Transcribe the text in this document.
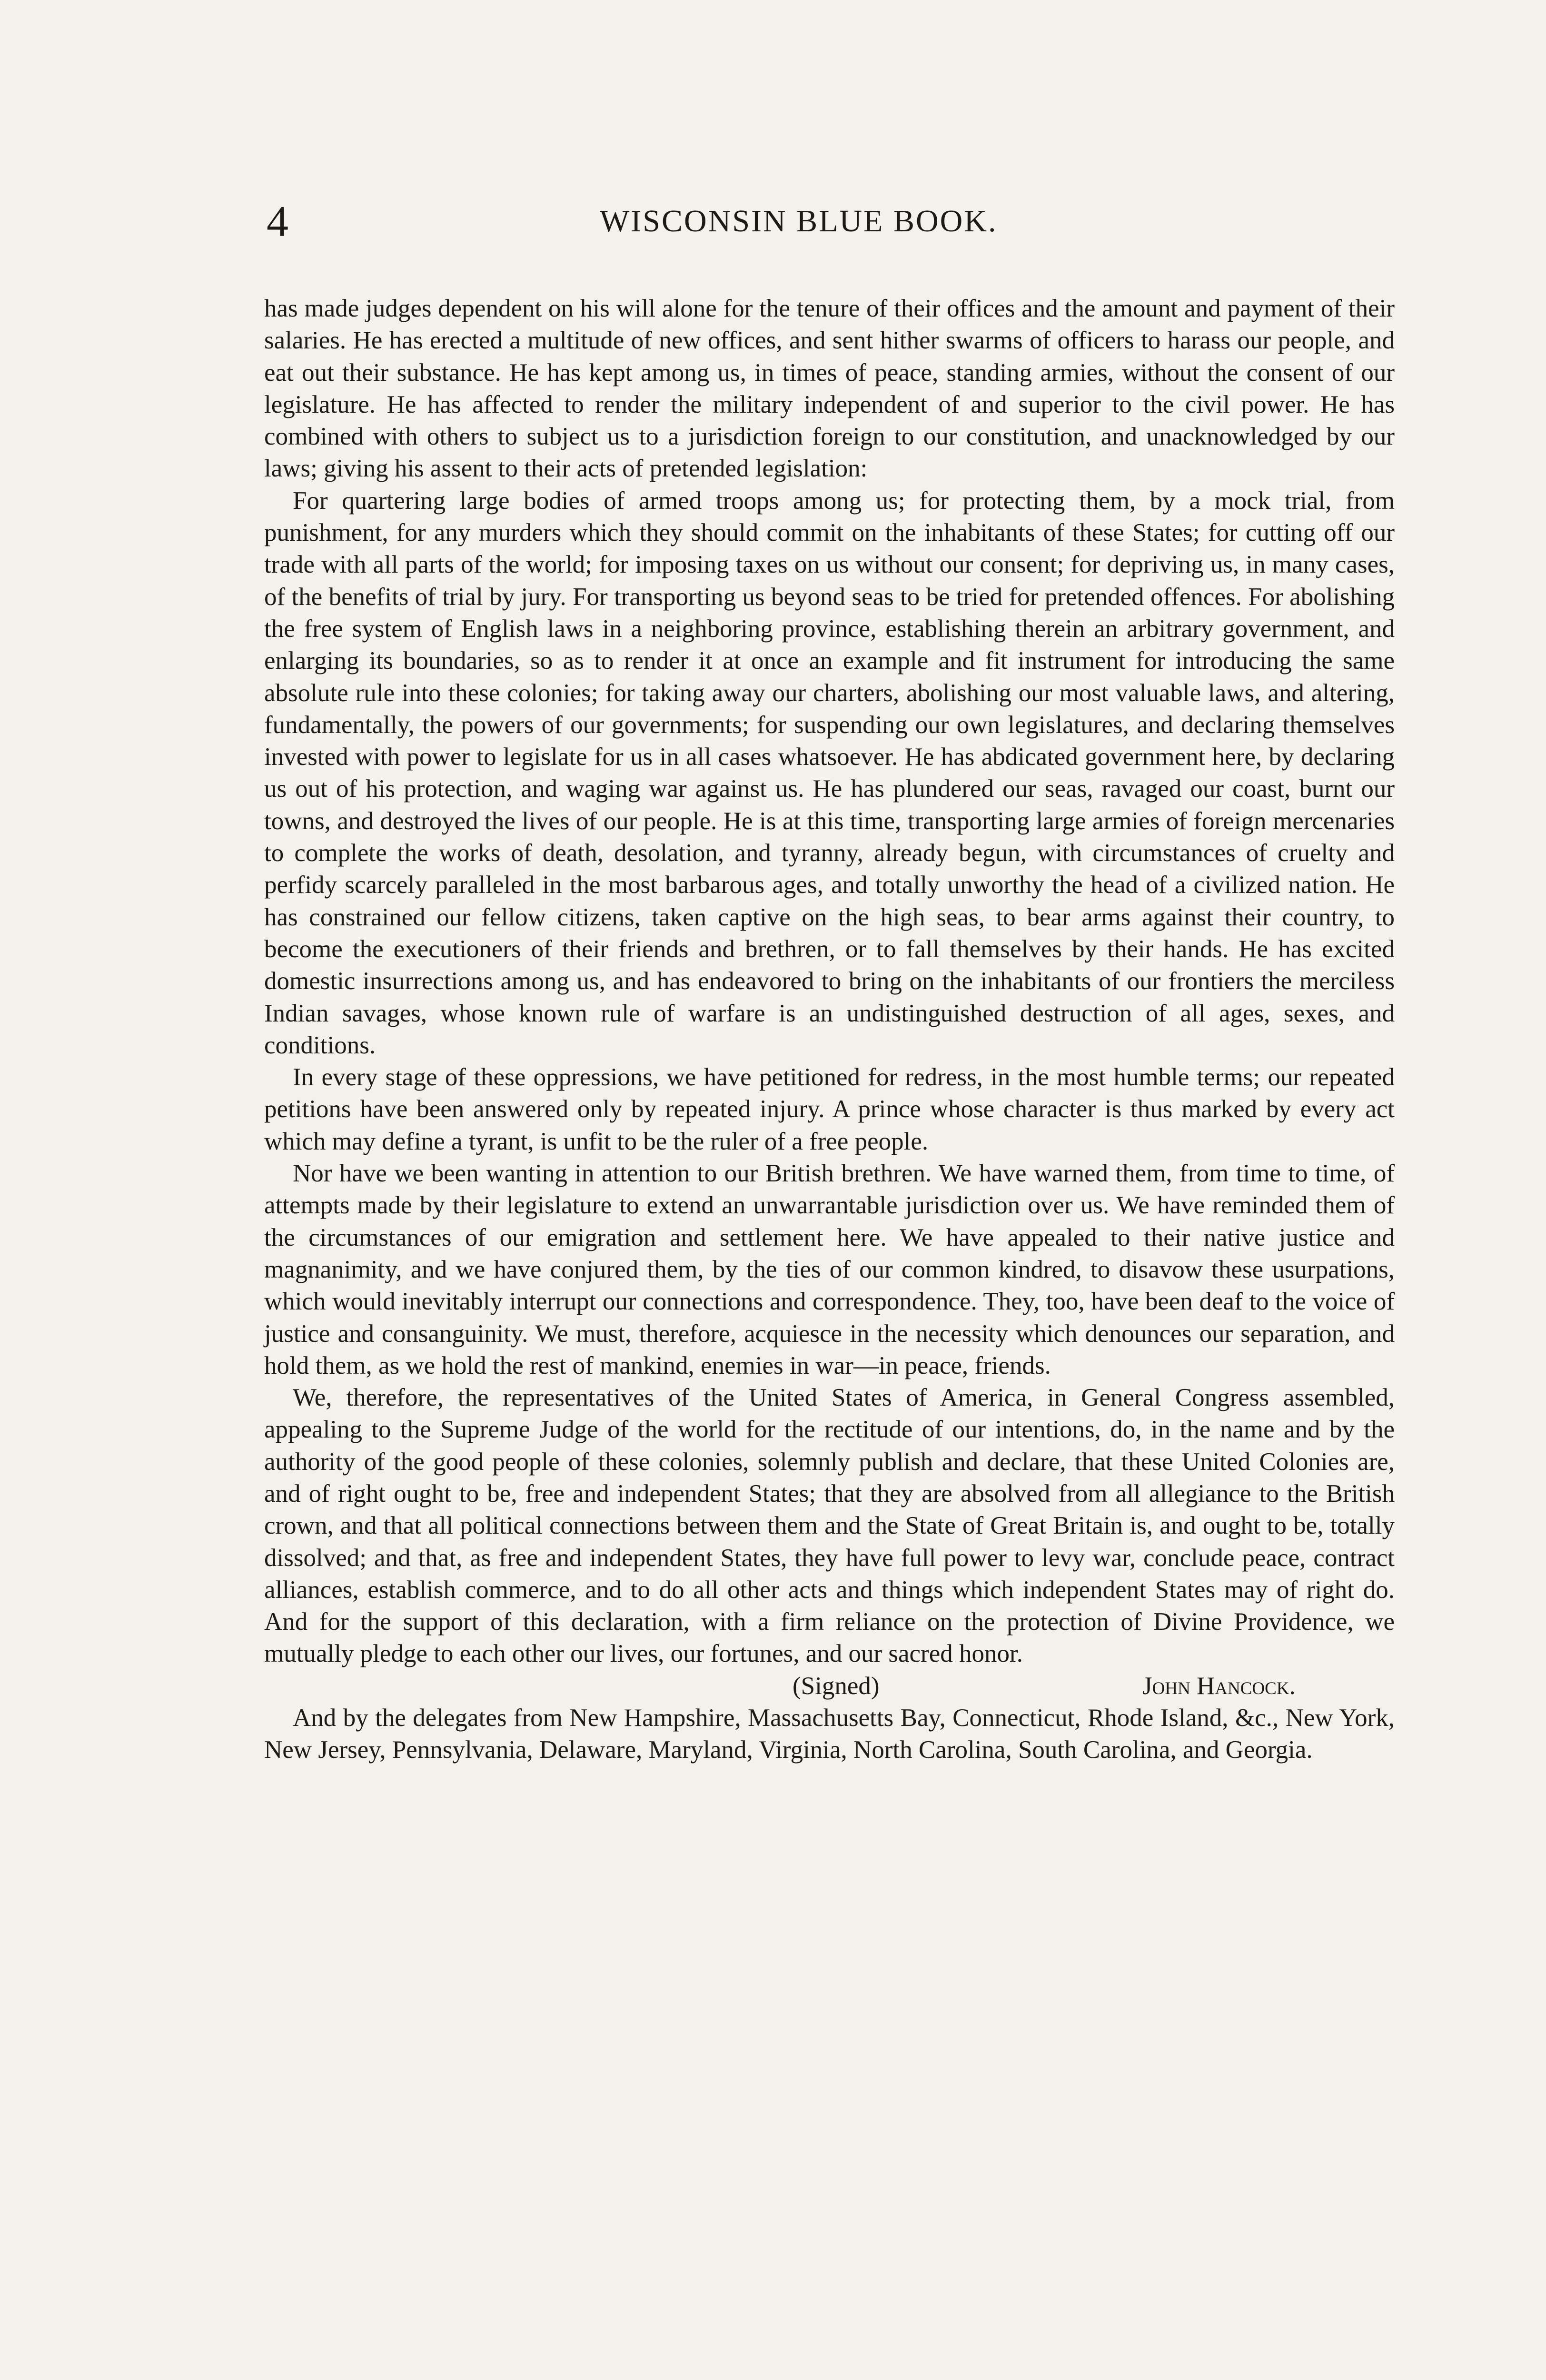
4	WISCONSIN BLUE BOOK.

has made judges dependent on his will alone for the tenure of their offices and the amount and payment of their salaries. He has erected a multitude of new offices, and sent hither swarms of officers to harass our people, and eat out their substance. He has kept among us, in times of peace, standing armies, without the consent of our legislature. He has affected to render the military independent of and superior to the civil power. He has combined with others to subject us to a jurisdiction foreign to our constitution, and unacknowledged by our laws; giving his assent to their acts of pretended legislation:

For quartering large bodies of armed troops among us; for protecting them, by a mock trial, from punishment, for any murders which they should commit on the inhabitants of these States; for cutting off our trade with all parts of the world; for imposing taxes on us without our consent; for depriving us, in many cases, of the benefits of trial by jury. For transporting us beyond seas to be tried for pretended offences. For abolishing the free system of English laws in a neighboring province, establishing therein an arbitrary government, and enlarging its boundaries, so as to render it at once an example and fit instrument for introducing the same absolute rule into these colonies; for taking away our charters, abolishing our most valuable laws, and altering, fundamentally, the powers of our governments; for suspending our own legislatures, and declaring themselves invested with power to legislate for us in all cases whatsoever. He has abdicated government here, by declaring us out of his protection, and waging war against us. He has plundered our seas, ravaged our coast, burnt our towns, and destroyed the lives of our people. He is at this time, transporting large armies of foreign mercenaries to complete the works of death, desolation, and tyranny, already begun, with circumstances of cruelty and perfidy scarcely paralleled in the most barbarous ages, and totally unworthy the head of a civilized nation. He has constrained our fellow citizens, taken captive on the high seas, to bear arms against their country, to become the executioners of their friends and brethren, or to fall themselves by their hands. He has excited domestic insurrections among us, and has endeavored to bring on the inhabitants of our frontiers the merciless Indian savages, whose known rule of warfare is an undistinguished destruction of all ages, sexes, and conditions.

In every stage of these oppressions, we have petitioned for redress, in the most humble terms; our repeated petitions have been answered only by repeated injury. A prince whose character is thus marked by every act which may define a tyrant, is unfit to be the ruler of a free people.

Nor have we been wanting in attention to our British brethren. We have warned them, from time to time, of attempts made by their legislature to extend an unwarrantable jurisdiction over us. We have reminded them of the circumstances of our emigration and settlement here. We have appealed to their native justice and magnanimity, and we have conjured them, by the ties of our common kindred, to disavow these usurpations, which would inevitably interrupt our connections and correspondence. They, too, have been deaf to the voice of justice and consanguinity. We must, therefore, acquiesce in the necessity which denounces our separation, and hold them, as we hold the rest of mankind, enemies in war—in peace, friends.

We, therefore, the representatives of the United States of America, in General Congress assembled, appealing to the Supreme Judge of the world for the rectitude of our intentions, do, in the name and by the authority of the good people of these colonies, solemnly publish and declare, that these United Colonies are, and of right ought to be, free and independent States; that they are absolved from all allegiance to the British crown, and that all political connections between them and the State of Great Britain is, and ought to be, totally dissolved; and that, as free and independent States, they have full power to levy war, conclude peace, contract alliances, establish commerce, and to do all other acts and things which independent States may of right do. And for the support of this declaration, with a firm reliance on the protection of Divine Providence, we mutually pledge to each other our lives, our fortunes, and our sacred honor.

(Signed)	John Hancock.

And by the delegates from New Hampshire, Massachusetts Bay, Connecticut, Rhode Island, &c., New York, New Jersey, Pennsylvania, Delaware, Maryland, Virginia, North Carolina, South Carolina, and Georgia.
